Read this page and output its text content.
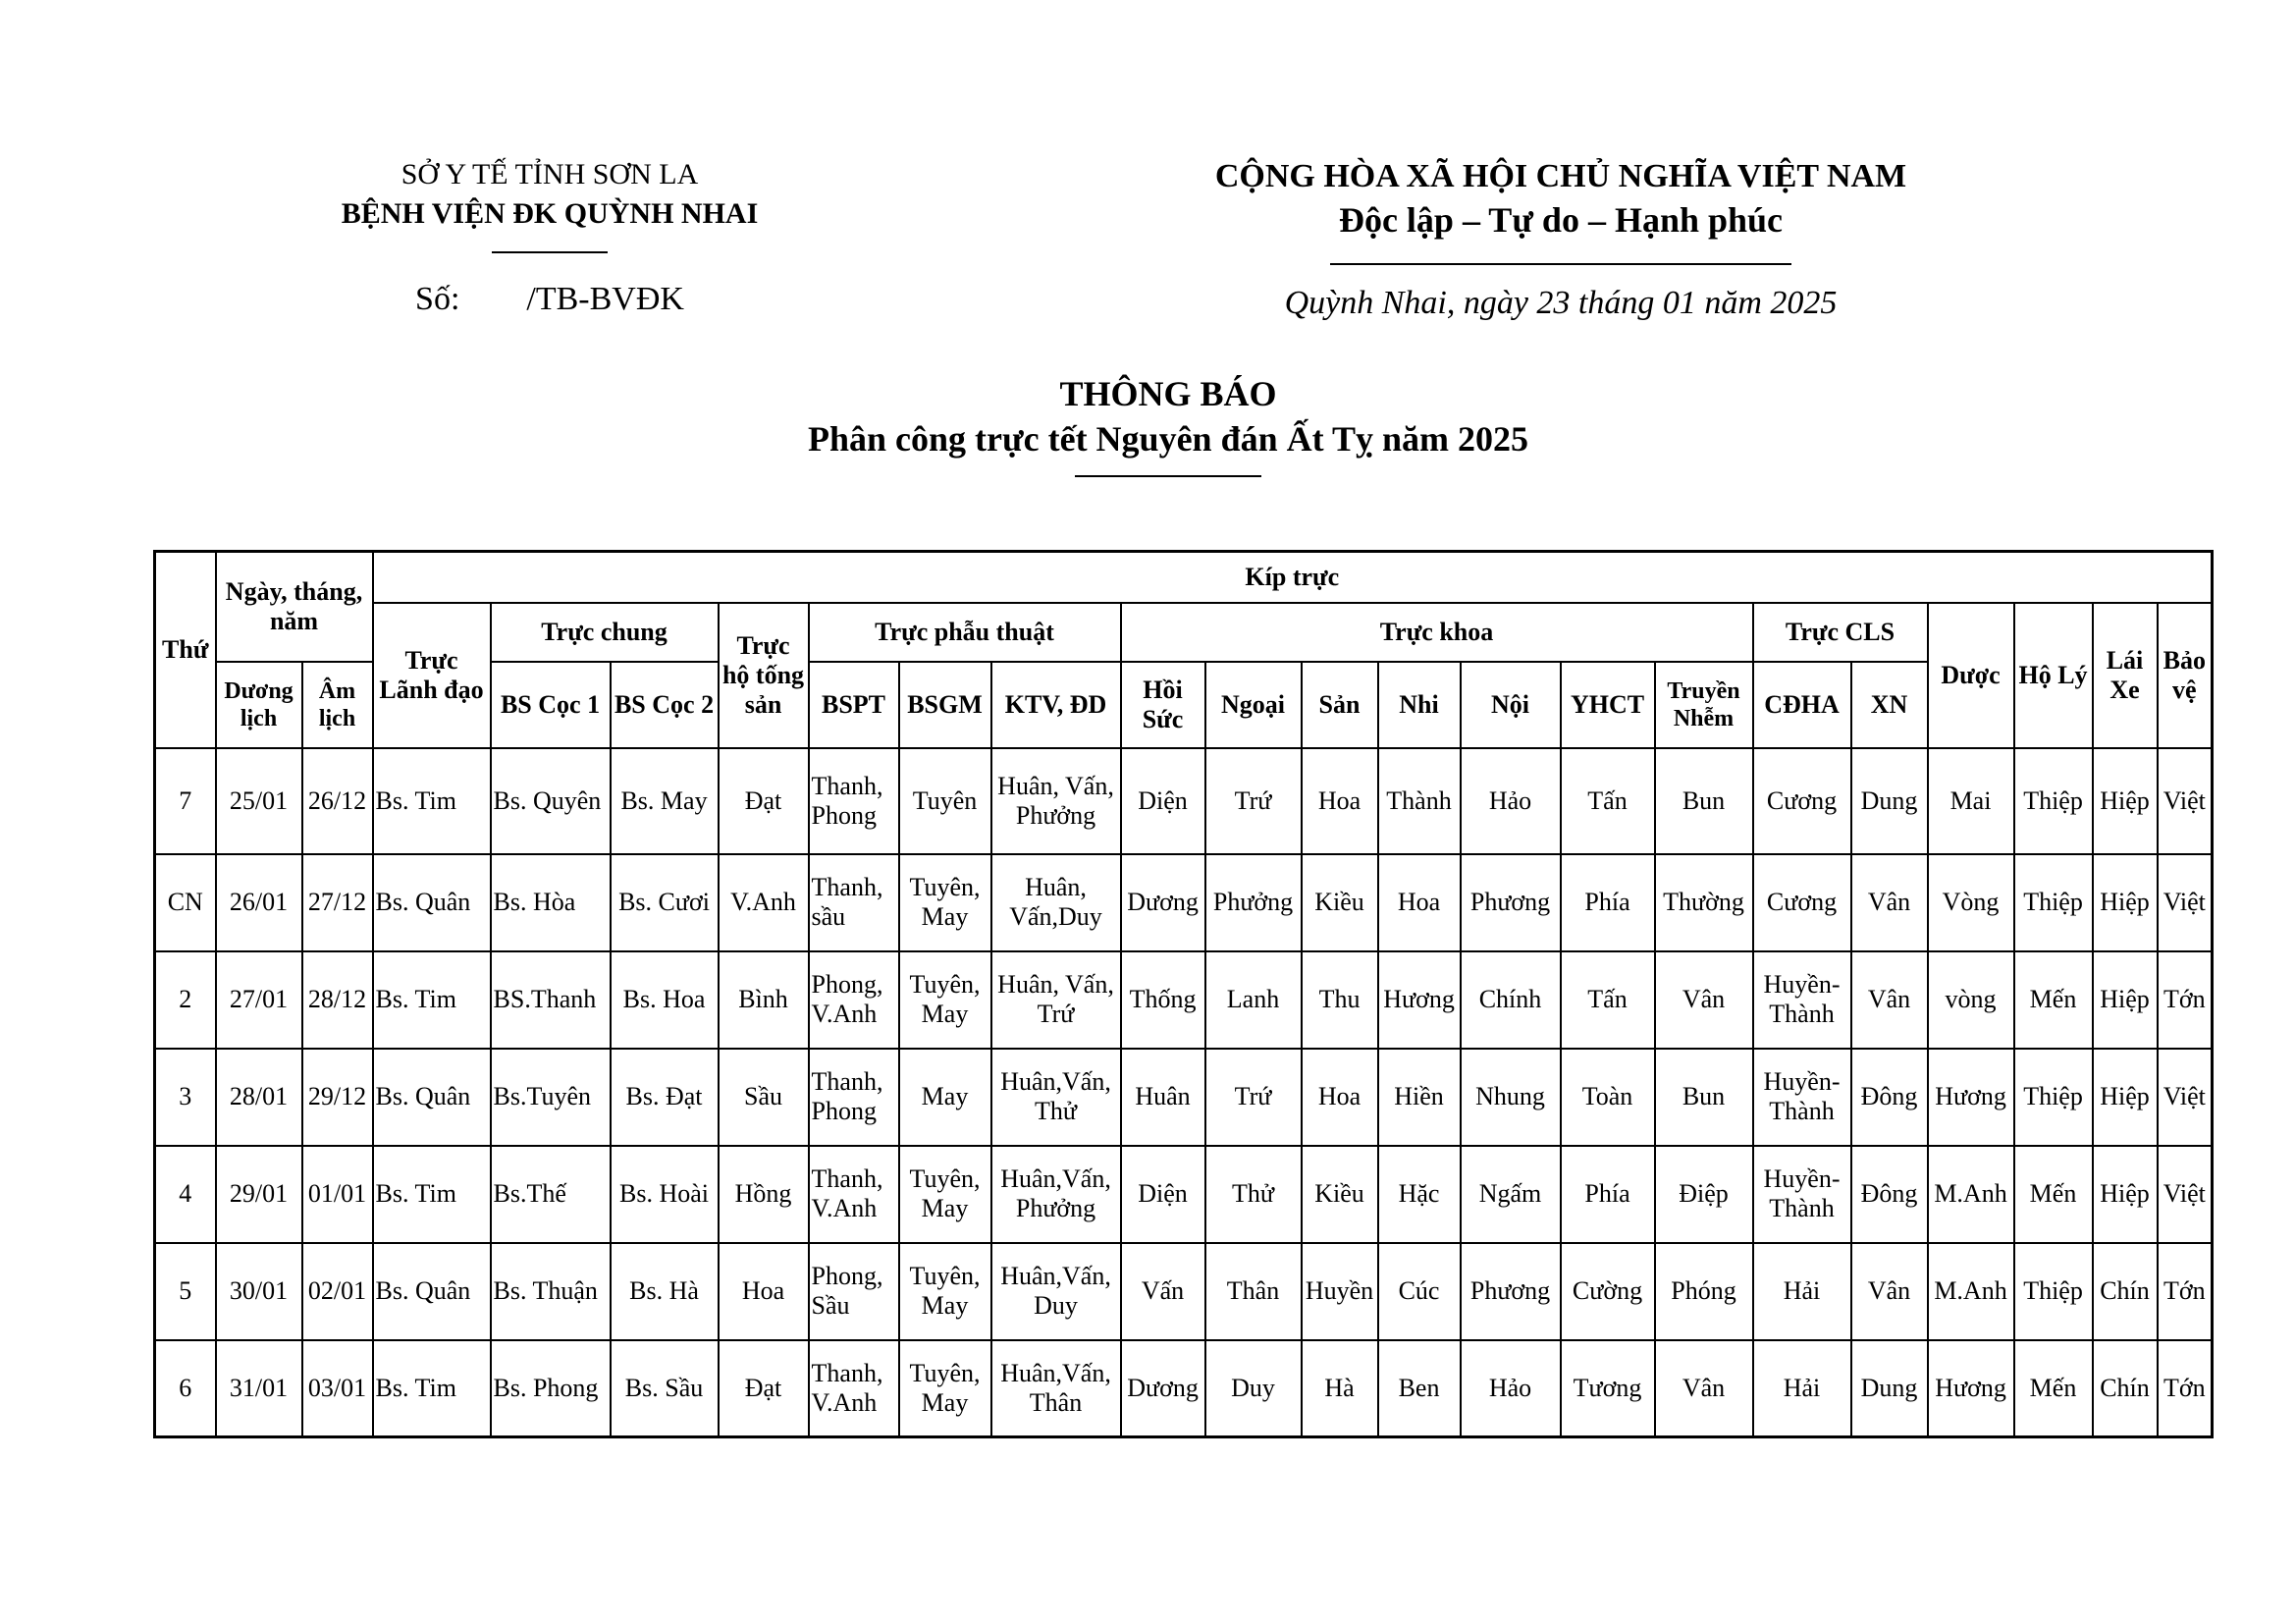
SỞ Y TẾ TỈNH SƠN LA
BỆNH VIỆN ĐK QUỲNH NHAI
Số:        /TB-BVĐK
CỘNG HÒA XÃ HỘI CHỦ NGHĨA VIỆT NAM
Độc lập – Tự do – Hạnh phúc
Quỳnh Nhai, ngày 23 tháng 01 năm 2025
THÔNG BÁO
Phân công trực tết Nguyên đán Ất Tỵ năm 2025
Thứ	Ngày, tháng, năm		Kíp trực																			
			Trực Lãnh đạo	Trực chung		Trực hộ tống sản	Trực phẫu thuật			Trực khoa							Trực CLS		Dược	Hộ Lý	Lái Xe	Bảo vệ
	Dương lịch	Âm lịch		BS Cọc 1	BS Cọc 2		BSPT	BSGM	KTV, ĐD	Hồi Sức	Ngoại	Sản	Nhi	Nội	YHCT	Truyền Nhễm	CĐHA	XN				
7	25/01	26/12	Bs. Tim	Bs. Quyên	Bs. May	Đạt	Thanh, Phong	Tuyên	Huân, Vấn, Phưởng	Diện	Trứ	Hoa	Thành	Hảo	Tấn	Bun	Cương	Dung	Mai	Thiệp	Hiệp	Việt
CN	26/01	27/12	Bs. Quân	Bs. Hòa	Bs. Cươi	V.Anh	Thanh, sầu	Tuyên, May	Huân, Vấn,Duy	Dương	Phưởng	Kiều	Hoa	Phương	Phía	Thường	Cương	Vân	Vòng	Thiệp	Hiệp	Việt
2	27/01	28/12	Bs. Tim	BS.Thanh	Bs. Hoa	Bình	Phong, V.Anh	Tuyên, May	Huân, Vấn, Trứ	Thống	Lanh	Thu	Hương	Chính	Tấn	Vân	Huyền-Thành	Vân	vòng	Mến	Hiệp	Tớn
3	28/01	29/12	Bs. Quân	Bs.Tuyên	Bs. Đạt	Sầu	Thanh, Phong	May	Huân,Vấn, Thử	Huân	Trứ	Hoa	Hiền	Nhung	Toàn	Bun	Huyền-Thành	Đông	Hương	Thiệp	Hiệp	Việt
4	29/01	01/01	Bs. Tim	Bs.Thế	Bs. Hoài	Hồng	Thanh, V.Anh	Tuyên, May	Huân,Vấn, Phưởng	Diện	Thử	Kiều	Hặc	Ngấm	Phía	Điệp	Huyền-Thành	Đông	M.Anh	Mến	Hiệp	Việt
5	30/01	02/01	Bs. Quân	Bs. Thuận	Bs. Hà	Hoa	Phong, Sầu	Tuyên, May	Huân,Vấn, Duy	Vấn	Thân	Huyền	Cúc	Phương	Cường	Phóng	Hải	Vân	M.Anh	Thiệp	Chín	Tớn
6	31/01	03/01	Bs. Tim	Bs. Phong	Bs. Sầu	Đạt	Thanh, V.Anh	Tuyên, May	Huân,Vấn, Thân	Dương	Duy	Hà	Ben	Hảo	Tương	Vân	Hải	Dung	Hương	Mến	Chín	Tớn
